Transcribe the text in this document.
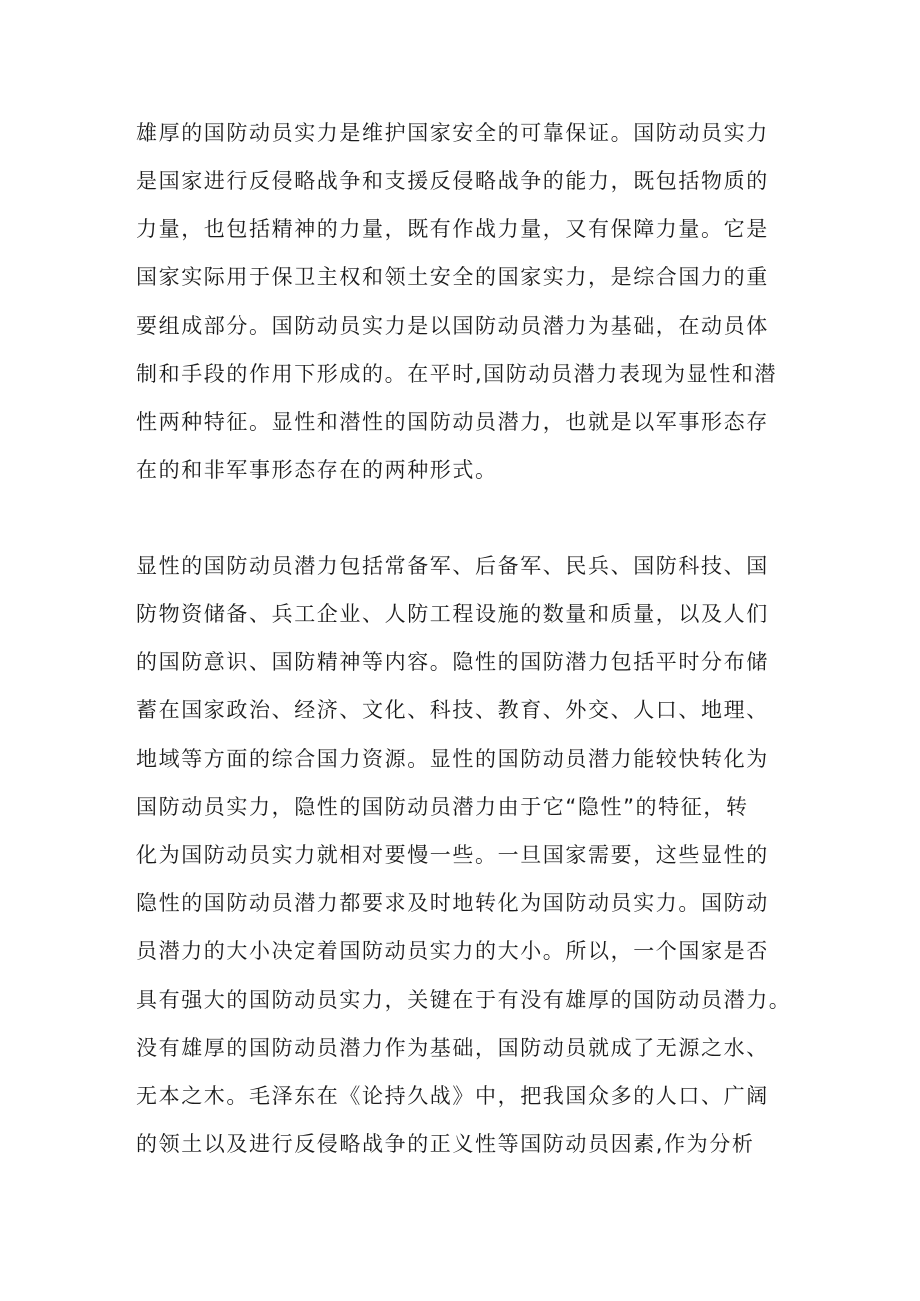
雄厚的国防动员实力是维护国家安全的可靠保证。国防动员实力
是国家进行反侵略战争和支援反侵略战争的能力，既包括物质的
力量，也包括精神的力量，既有作战力量，又有保障力量。它是
国家实际用于保卫主权和领土安全的国家实力，是综合国力的重
要组成部分。国防动员实力是以国防动员潜力为基础，在动员体
制和手段的作用下形成的。在平时,国防动员潜力表现为显性和潜
性两种特征。显性和潜性的国防动员潜力，也就是以军事形态存
在的和非军事形态存在的两种形式。
显性的国防动员潜力包括常备军、后备军、民兵、国防科技、国
防物资储备、兵工企业、人防工程设施的数量和质量，以及人们
的国防意识、国防精神等内容。隐性的国防潜力包括平时分布储
蓄在国家政治、经济、文化、科技、教育、外交、人口、地理、
地域等方面的综合国力资源。显性的国防动员潜力能较快转化为
国防动员实力，隐性的国防动员潜力由于它“隐性”的特征，转
化为国防动员实力就相对要慢一些。一旦国家需要，这些显性的
隐性的国防动员潜力都要求及时地转化为国防动员实力。国防动
员潜力的大小决定着国防动员实力的大小。所以，一个国家是否
具有强大的国防动员实力，关键在于有没有雄厚的国防动员潜力。
没有雄厚的国防动员潜力作为基础，国防动员就成了无源之水、
无本之木。毛泽东在《论持久战》中，把我国众多的人口、广阔
的领土以及进行反侵略战争的正义性等国防动员因素,作为分析
